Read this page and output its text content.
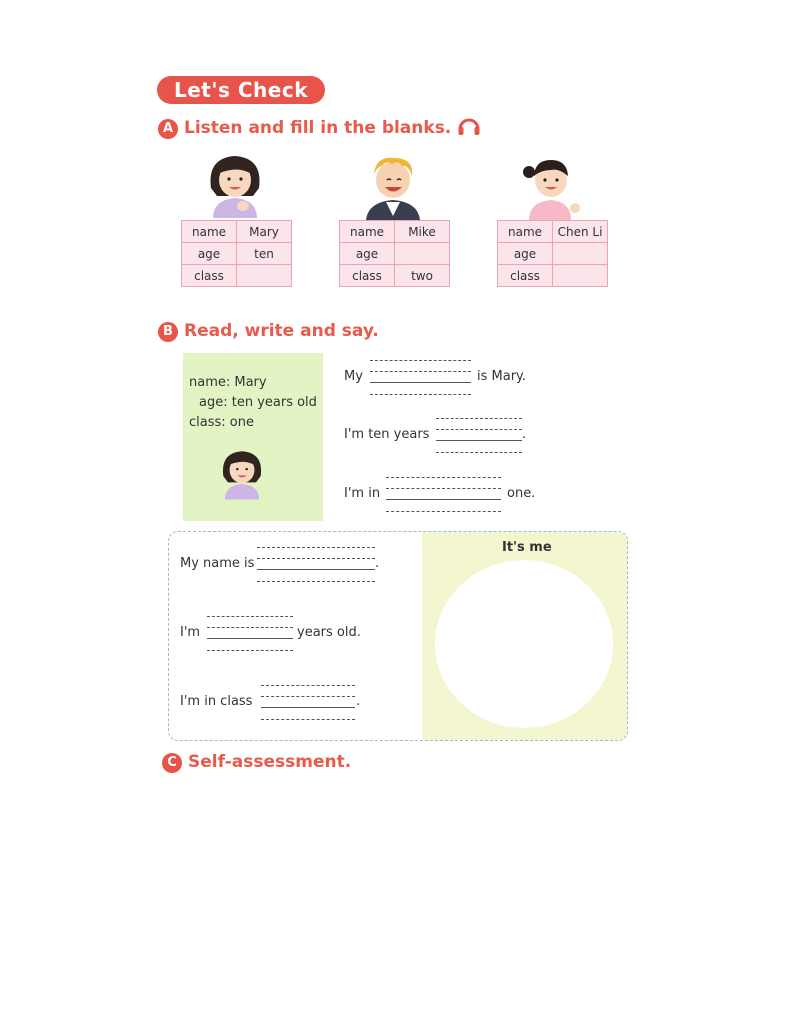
Let's Check
A Listen and fill in the blanks.
name	Mary
age	ten
class	
name	Mike
age	
class	two
name	Chen Li
age	
class	
B Read, write and say.
name: Mary
age: ten years old
class: one
My	is Mary.
I'm ten years	.
I'm in	one.
It's me
My name is	.
I'm	years old.
I'm in class	.
C Self-assessment.
